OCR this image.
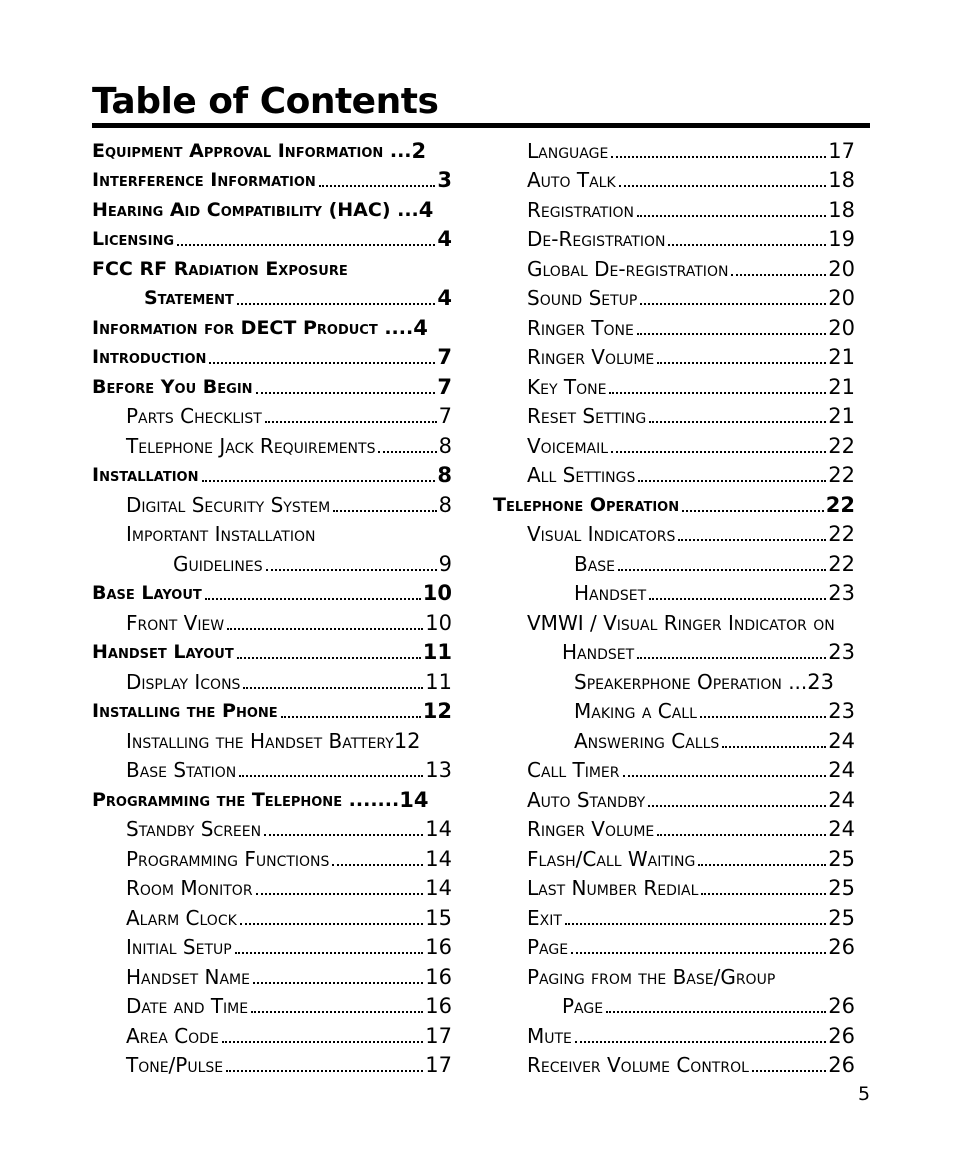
Table of Contents
Equipment Approval Information ... 2
Interference Information	3
Hearing Aid Compatibility (HAC) ... 4
Licensing	4
FCC RF Radiation Exposure
Statement	4
Information for DECT Product .... 4
Introduction	7
Before You Begin	7
Parts Checklist	7
Telephone Jack Requirements	8
Installation	8
Digital Security System	8
Important Installation
Guidelines	9
Base Layout	10
Front View	10
Handset Layout	11
Display Icons	11
Installing the Phone	12
Installing the Handset Battery 12
Base Station	13
Programming the Telephone ....... 14
Standby Screen	14
Programming Functions	14
Room Monitor	14
Alarm Clock	15
Initial Setup	16
Handset Name	16
Date and Time	16
Area Code	17
Tone/Pulse	17
Language	17
Auto Talk	18
Registration	18
De-Registration	19
Global De-registration	20
Sound Setup	20
Ringer Tone	20
Ringer Volume	21
Key Tone	21
Reset Setting	21
Voicemail	22
All Settings	22
Telephone Operation	22
Visual Indicators	22
Base	22
Handset	23
VMWI / Visual Ringer Indicator on
Handset	23
Speakerphone Operation ... 23
Making a Call	23
Answering Calls	24
Call Timer	24
Auto Standby	24
Ringer Volume	24
Flash/Call Waiting	25
Last Number Redial	25
Exit	25
Page	26
Paging from the Base/Group
Page	26
Mute	26
Receiver Volume Control	26
5
